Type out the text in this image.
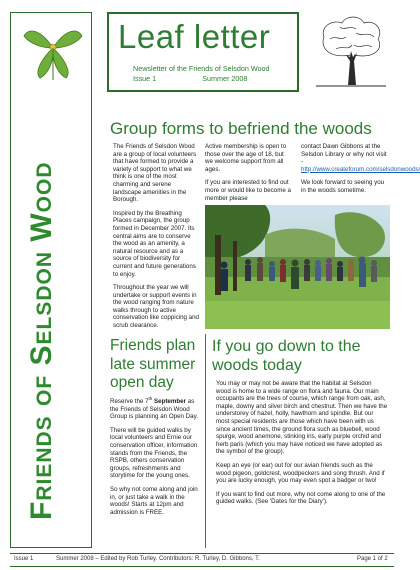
Friends of Selsdon Wood
Leaf letter
Newsletter of the Friends of Selsdon Wood
Issue 1	Summer 2008
Group forms to befriend the woods

The Friends of Selsdon Wood are a group of local volunteers that have formed to provide a variety of support to what we think is one of the most charming and serene landscape amenities in the Borough.

Inspired by the Breathing Places campaign, the group formed in December 2007. Its central aims are to conserve the wood as an amenity, a natural resource and as a source of biodiversity for current and future generations to enjoy.

Throughout the year we will undertake or support events in the wood ranging from nature walks through to active conservation like coppicing and scrub clearance.

Active membership is open to those over the age of 18, but we welcome support from all ages.

If you are interested to find out more or would like to become a member please

contact Dawn Gibbons at the Selsdon Library or why not visit - http://www.createforum.com/selsdonwoods/

We look forward to seeing you in the woods sometime.

Friends plan late summer open day

Reserve the 7th September as the Friends of Selsdon Wood Group is planning an Open Day.

There will be guided walks by local volunteers and Ernie our conservation officer, information stands from the Friends, the RSPB, others conservation groups, refreshments and storytime for the young ones.

So why not come along and join in, or just take a walk in the woods! Starts at 12pm and admission is FREE.

If you go down to the woods today

You may or may not be aware that the habitat at Selsdon wood is home to a wide range on flora and fauna. Our main occupants are the trees of course, which range from oak, ash, maple, downy and silver birch and chestnut. Then we have the understorey of hazel, holly, hawthorn and spindle. But our most special residents are those which have been with us since ancient times, the ground flora such as bluebell, wood spurge, wood anemone, stinking iris, early purple orchid and herb paris (which you may have noticed we have adopted as the symbol of the group).

Keep an eye (or ear) out for our avian friends such as the wood pigeon, goldcrest, woodpeckers and song thrush. And if you are lucky enough, you may even spot a badger or two!

If you want to find out more, why not come along to one of the guided walks. (See 'Dates for the Diary').

Issue 1	Summer 2008 – Edited by Rob Turley. Contributors: R. Turley, D. Gibbons, T.	Page 1 of 2
